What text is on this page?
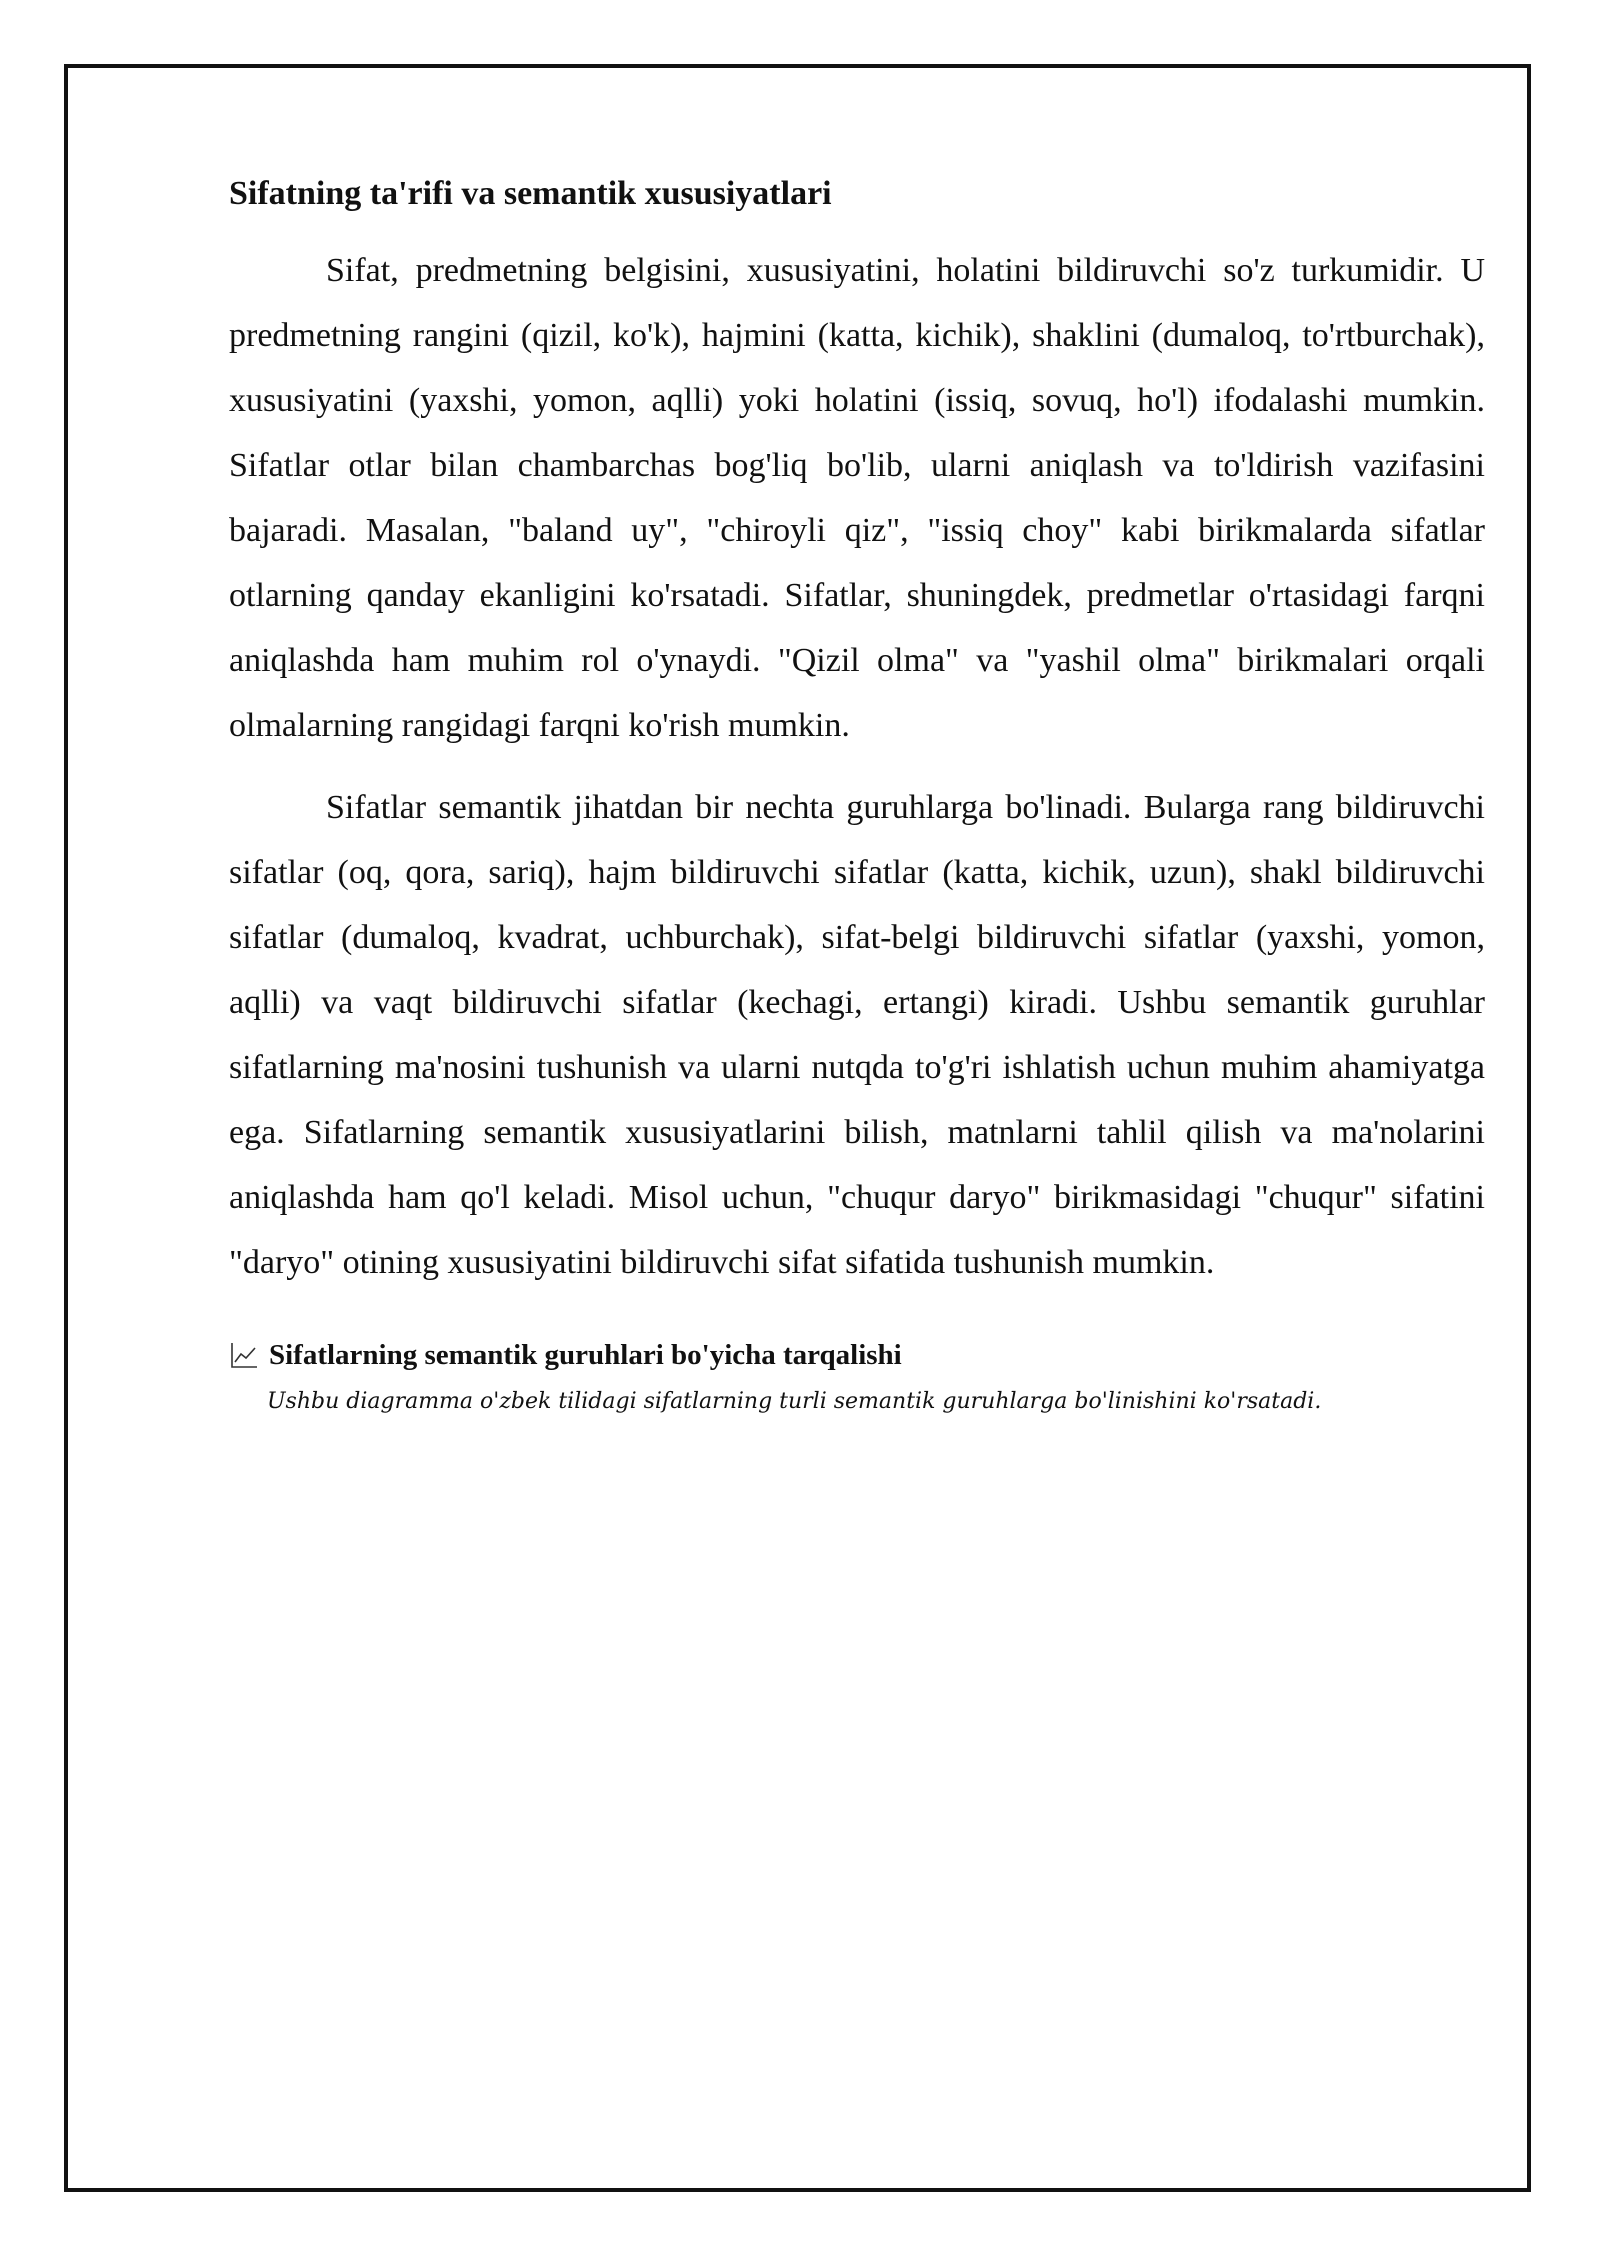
Sifatning ta'rifi va semantik xususiyatlari

Sifat, predmetning belgisini, xususiyatini, holatini bildiruvchi so'z turkumidir. U predmetning rangini (qizil, ko'k), hajmini (katta, kichik), shaklini (dumaloq, to'rtburchak), xususiyatini (yaxshi, yomon, aqlli) yoki holatini (issiq, sovuq, ho'l) ifodalashi mumkin. Sifatlar otlar bilan chambarchas bog'liq bo'lib, ularni aniqlash va to'ldirish vazifasini bajaradi. Masalan, "baland uy", "chiroyli qiz", "issiq choy" kabi birikmalarda sifatlar otlarning qanday ekanligini ko'rsatadi. Sifatlar, shuningdek, predmetlar o'rtasidagi farqni aniqlashda ham muhim rol o'ynaydi. "Qizil olma" va "yashil olma" birikmalari orqali olmalarning rangidagi farqni ko'rish mumkin.

Sifatlar semantik jihatdan bir nechta guruhlarga bo'linadi. Bularga rang bildiruvchi sifatlar (oq, qora, sariq), hajm bildiruvchi sifatlar (katta, kichik, uzun), shakl bildiruvchi sifatlar (dumaloq, kvadrat, uchburchak), sifat-belgi bildiruvchi sifatlar (yaxshi, yomon, aqlli) va vaqt bildiruvchi sifatlar (kechagi, ertangi) kiradi. Ushbu semantik guruhlar sifatlarning ma'nosini tushunish va ularni nutqda to'g'ri ishlatish uchun muhim ahamiyatga ega. Sifatlarning semantik xususiyatlarini bilish, matnlarni tahlil qilish va ma'nolarini aniqlashda ham qo'l keladi. Misol uchun, "chuqur daryo" birikmasidagi "chuqur" sifatini "daryo" otining xususiyatini bildiruvchi sifat sifatida tushunish mumkin.

Sifatlarning semantik guruhlari bo'yicha tarqalishi
Ushbu diagramma o'zbek tilidagi sifatlarning turli semantik guruhlarga bo'linishini ko'rsatadi.
